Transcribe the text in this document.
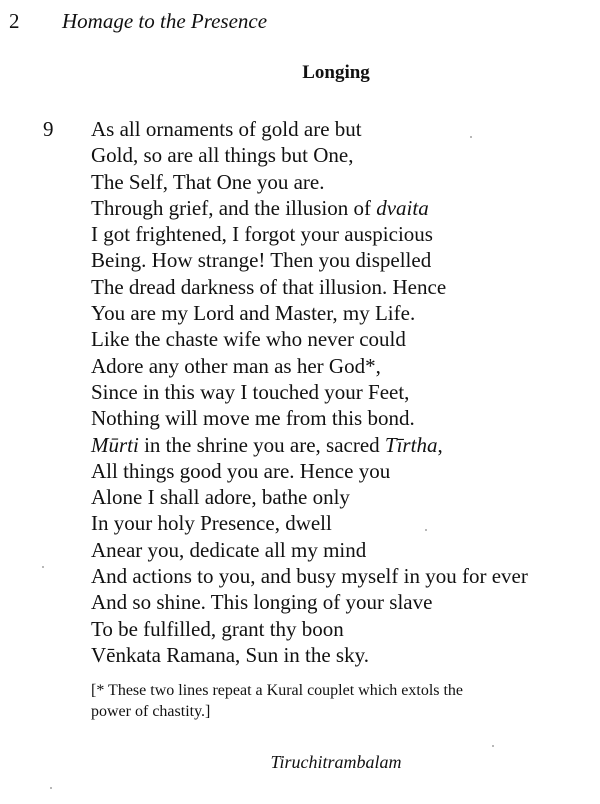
2 Homage to the Presence
Longing
9 As all ornaments of gold are but
Gold, so are all things but One,
The Self, That One you are.
Through grief, and the illusion of dvaita
I got frightened, I forgot your auspicious
Being. How strange! Then you dispelled
The dread darkness of that illusion. Hence
You are my Lord and Master, my Life.
Like the chaste wife who never could
Adore any other man as her God*,
Since in this way I touched your Feet,
Nothing will move me from this bond.
Mūrti in the shrine you are, sacred Tīrtha,
All things good you are. Hence you
Alone I shall adore, bathe only
In your holy Presence, dwell
Anear you, dedicate all my mind
And actions to you, and busy myself in you for ever
And so shine. This longing of your slave
To be fulfilled, grant thy boon
Vēnkata Ramana, Sun in the sky.
[* These two lines repeat a Kural couplet which extols the
power of chastity.]
Tiruchitrambalam
